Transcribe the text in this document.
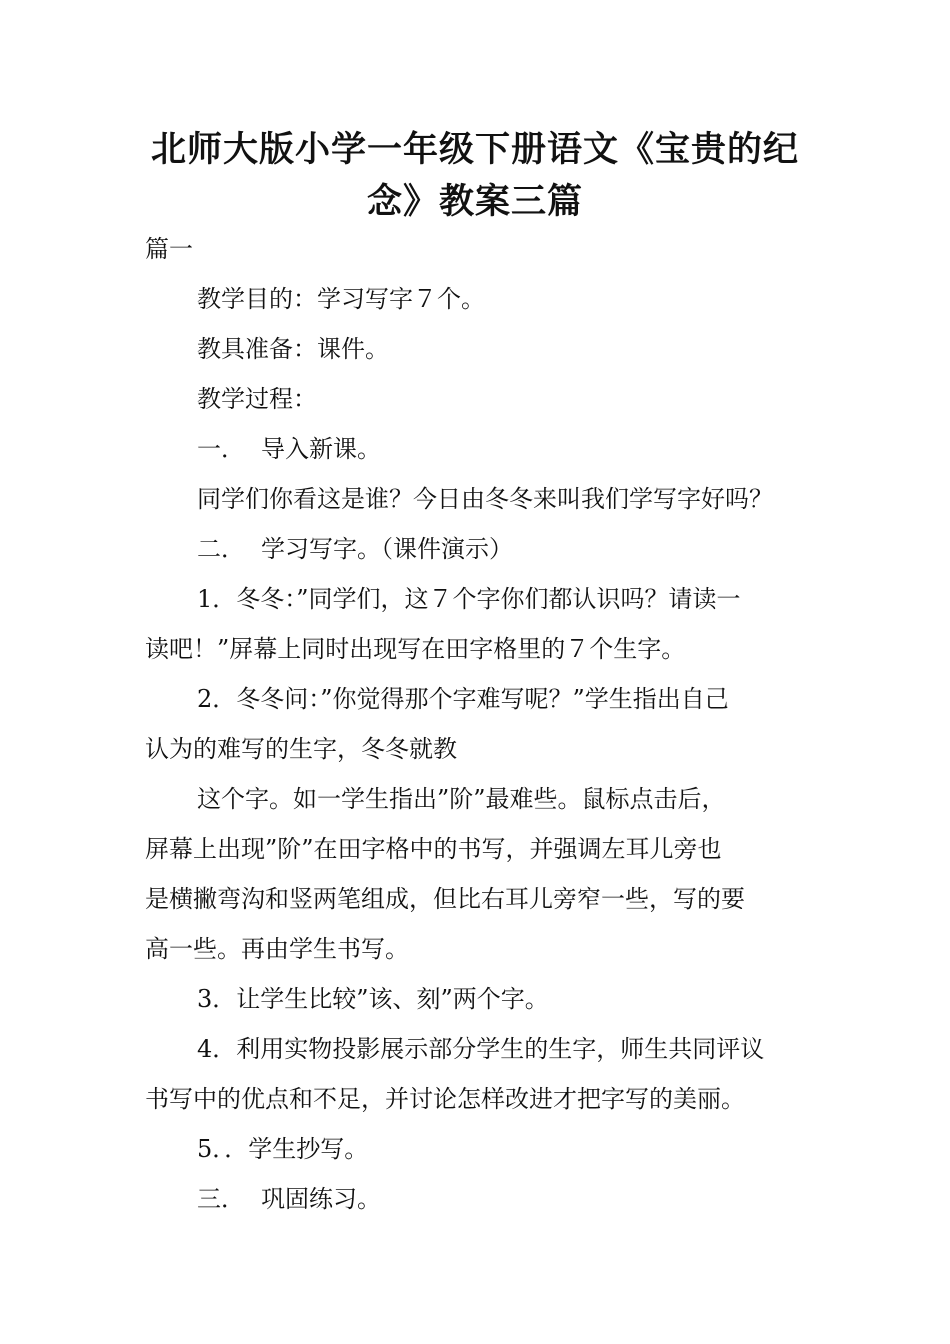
北师大版小学一年级下册语文《宝贵的纪
念》教案三篇
篇一
教学目的：学习写字７个。
教具准备：课件。
教学过程：
一． 导入新课。
同学们你看这是谁？今日由冬冬来叫我们学写字好吗？
二． 学习写字。（课件演示）
1．冬冬：”同学们，这７个字你们都认识吗？请读一
读吧！”屏幕上同时出现写在田字格里的７个生字。
2．冬冬问：”你觉得那个字难写呢？”学生指出自己
认为的难写的生字，冬冬就教
这个字。如一学生指出”阶”最难些。鼠标点击后，
屏幕上出现”阶”在田字格中的书写，并强调左耳儿旁也
是横撇弯沟和竖两笔组成，但比右耳儿旁窄一些，写的要
高一些。再由学生书写。
3．让学生比较”该、刻”两个字。
4．利用实物投影展示部分学生的生字，师生共同评议
书写中的优点和不足，并讨论怎样改进才把字写的美丽。
5．．学生抄写。
三． 巩固练习。
